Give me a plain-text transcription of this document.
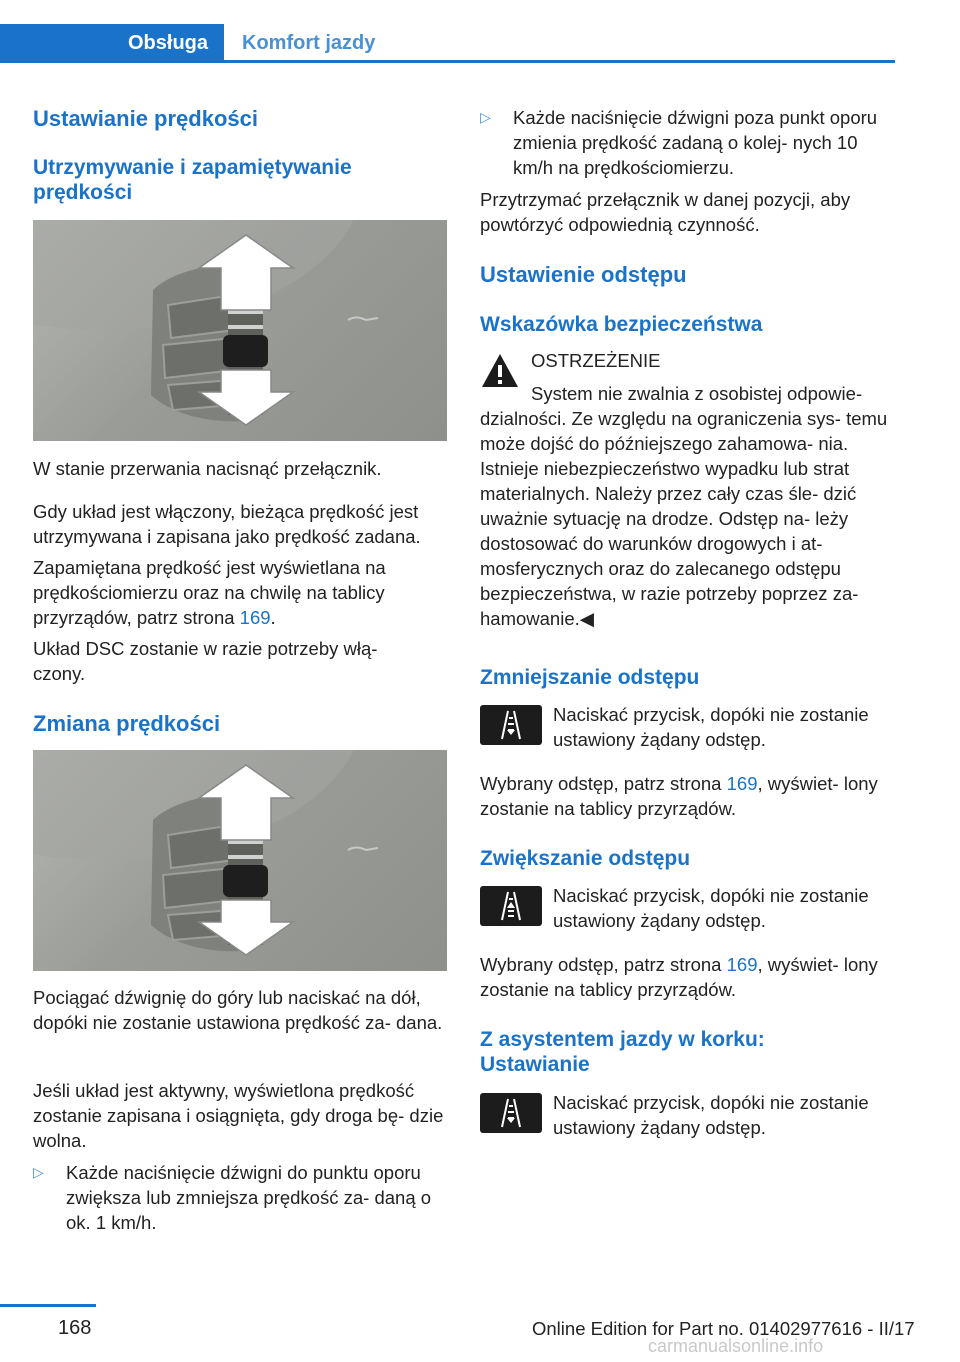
Obsługa	Komfort jazdy
Ustawianie prędkości
Utrzymywanie i zapamiętywanie prędkości
W stanie przerwania nacisnąć przełącznik.
Gdy układ jest włączony, bieżąca prędkość jest utrzymywana i zapisana jako prędkość zadana.
Zapamiętana prędkość jest wyświetlana na prędkościomierzu oraz na chwilę na tablicy przyrządów, patrz strona 169.
Układ DSC zostanie w razie potrzeby włą‐ czony.
Zmiana prędkości
Pociągać dźwignię do góry lub naciskać na dół, dopóki nie zostanie ustawiona prędkość za‐ dana.
Jeśli układ jest aktywny, wyświetlona prędkość zostanie zapisana i osiągnięta, gdy droga bę‐ dzie wolna.
▷ Każde naciśnięcie dźwigni do punktu oporu zwiększa lub zmniejsza prędkość za‐ daną o ok. 1 km/h.
▷ Każde naciśnięcie dźwigni poza punkt oporu zmienia prędkość zadaną o kolej‐ nych 10 km/h na prędkościomierzu.
Przytrzymać przełącznik w danej pozycji, aby powtórzyć odpowiednią czynność.
Ustawienie odstępu
Wskazówka bezpieczeństwa
OSTRZEŻENIE
System nie zwalnia z osobistej odpowie‐
dzialności. Ze względu na ograniczenia sys‐ temu może dojść do późniejszego zahamowa‐ nia. Istnieje niebezpieczeństwo wypadku lub strat materialnych. Należy przez cały czas śle‐ dzić uważnie sytuację na drodze. Odstęp na‐ leży dostosować do warunków drogowych i at‐ mosferycznych oraz do zalecanego odstępu bezpieczeństwa, w razie potrzeby poprzez za‐ hamowanie.◀
Zmniejszanie odstępu
Naciskać przycisk, dopóki nie zostanie ustawiony żądany odstęp.
Wybrany odstęp, patrz strona 169, wyświet‐ lony zostanie na tablicy przyrządów.
Zwiększanie odstępu
Naciskać przycisk, dopóki nie zostanie ustawiony żądany odstęp.
Wybrany odstęp, patrz strona 169, wyświet‐ lony zostanie na tablicy przyrządów.
Z asystentem jazdy w korku: Ustawianie
Naciskać przycisk, dopóki nie zostanie ustawiony żądany odstęp.
168	Online Edition for Part no. 01402977616 - II/17
carmanualsonline.info
